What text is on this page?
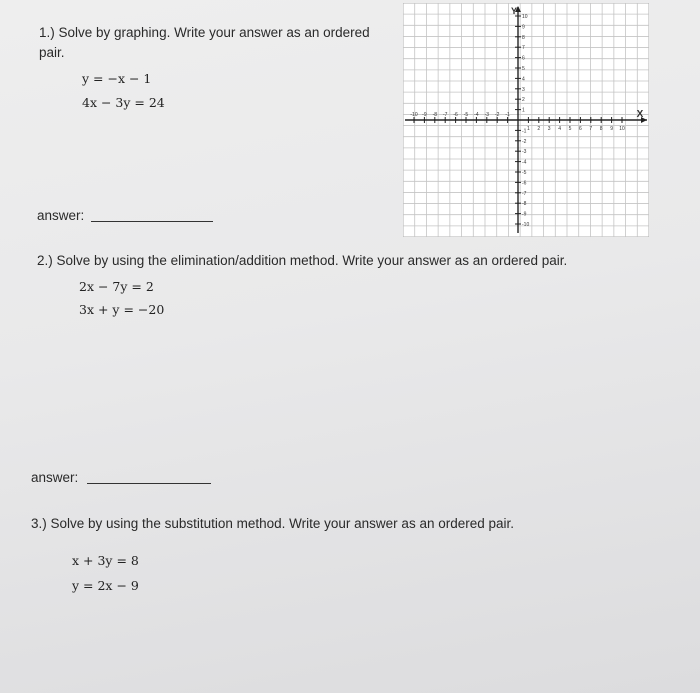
1.) Solve by graphing. Write your answer as an ordered
pair.
y = −x − 1
4x − 3y = 24
answer:
-10 -9 -8 -7 -6 -5 -4 -3 -2 -1
1 2 3 4 5 6 7 8 9 10
10
9
8
7
6
5
4
3
2
1
-1
-2
-3
-4
-5
-6
-7
-8
-9
-10
X
Y
2.) Solve by using the elimination/addition method. Write your answer as an ordered pair.
2x − 7y = 2
3x + y = −20
answer:
3.) Solve by using the substitution method. Write your answer as an ordered pair.
x + 3y = 8
y = 2x − 9
